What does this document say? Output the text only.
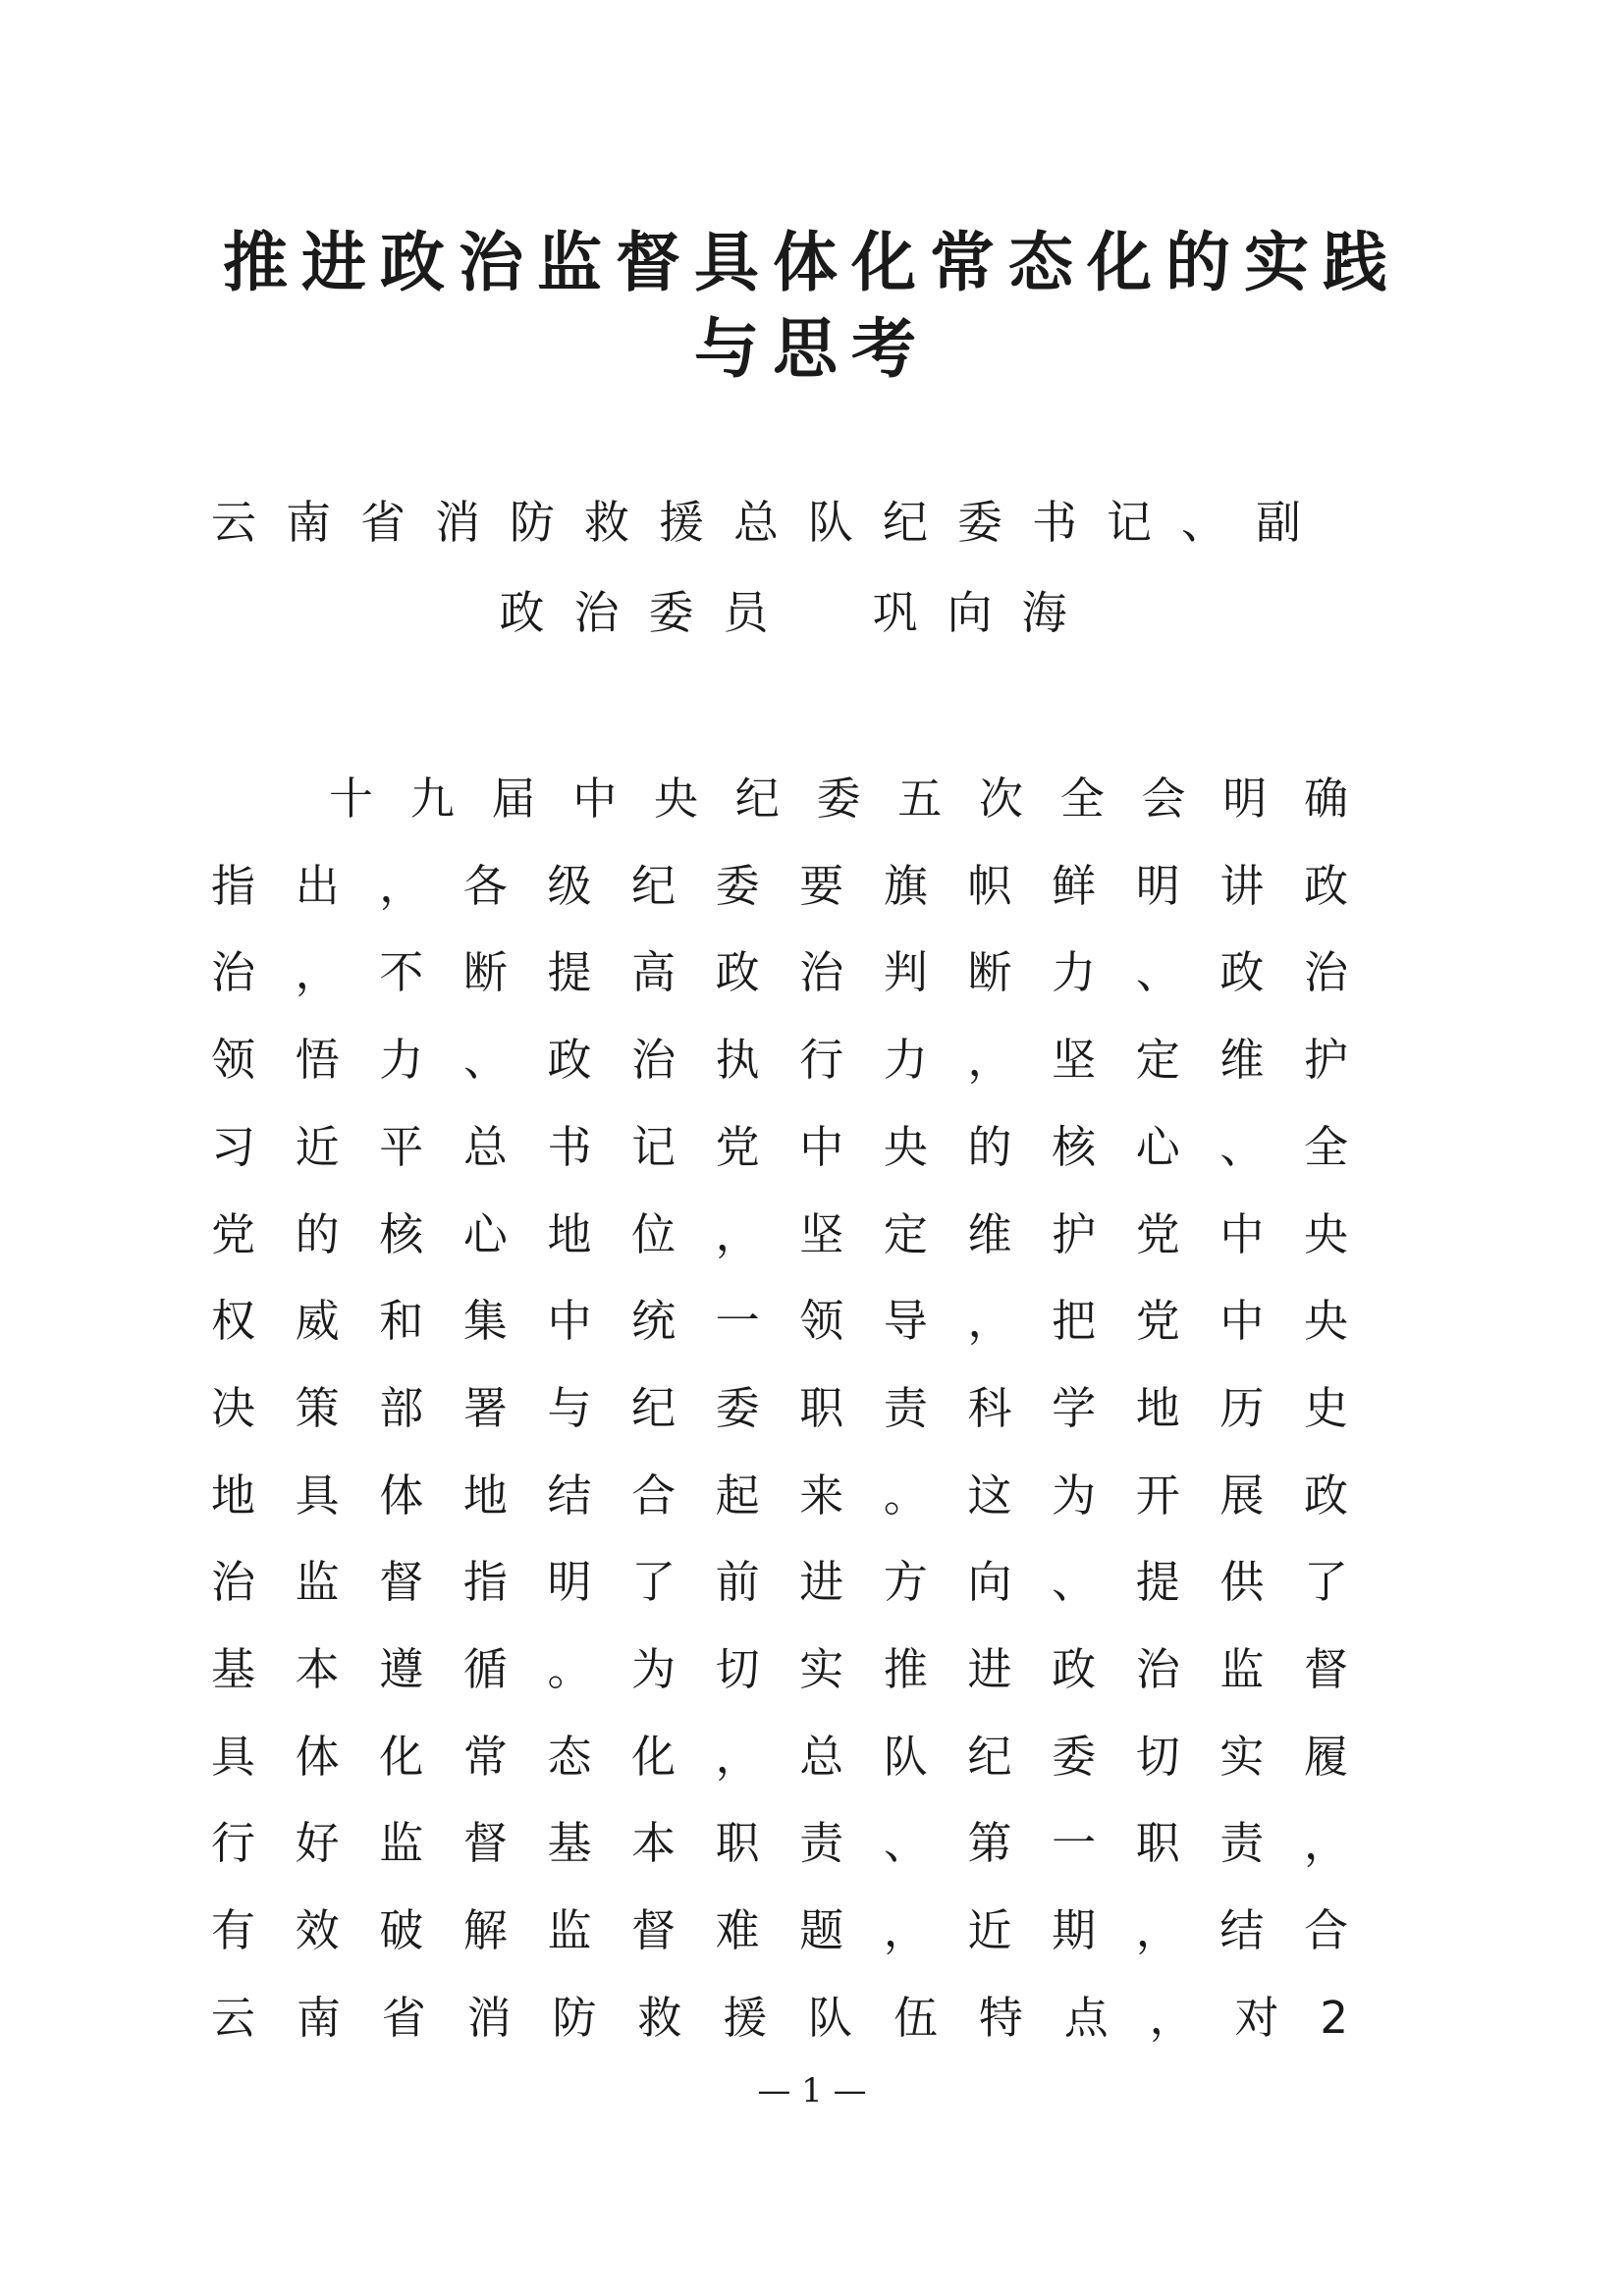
推进政治监督具体化常态化的实践
与思考
云南省消防救援总队纪委书记、副
政治委员　巩向海
十九届中央纪委五次全会明确指出，各级纪委要旗帜鲜明讲政治，不断提高政治判断力、政治领悟力、政治执行力，坚定维护习近平总书记党中央的核心、全党的核心地位，坚定维护党中央权威和集中统一领导，把党中央决策部署与纪委职责科学地历史地具体地结合起来。这为开展政治监督指明了前进方向、提供了基本遵循。为切实推进政治监督具体化常态化，总队纪委切实履行好监督基本职责、第一职责，有效破解监督难题，近期，结合云南省消防救援队伍特点，对2
— 1 —
